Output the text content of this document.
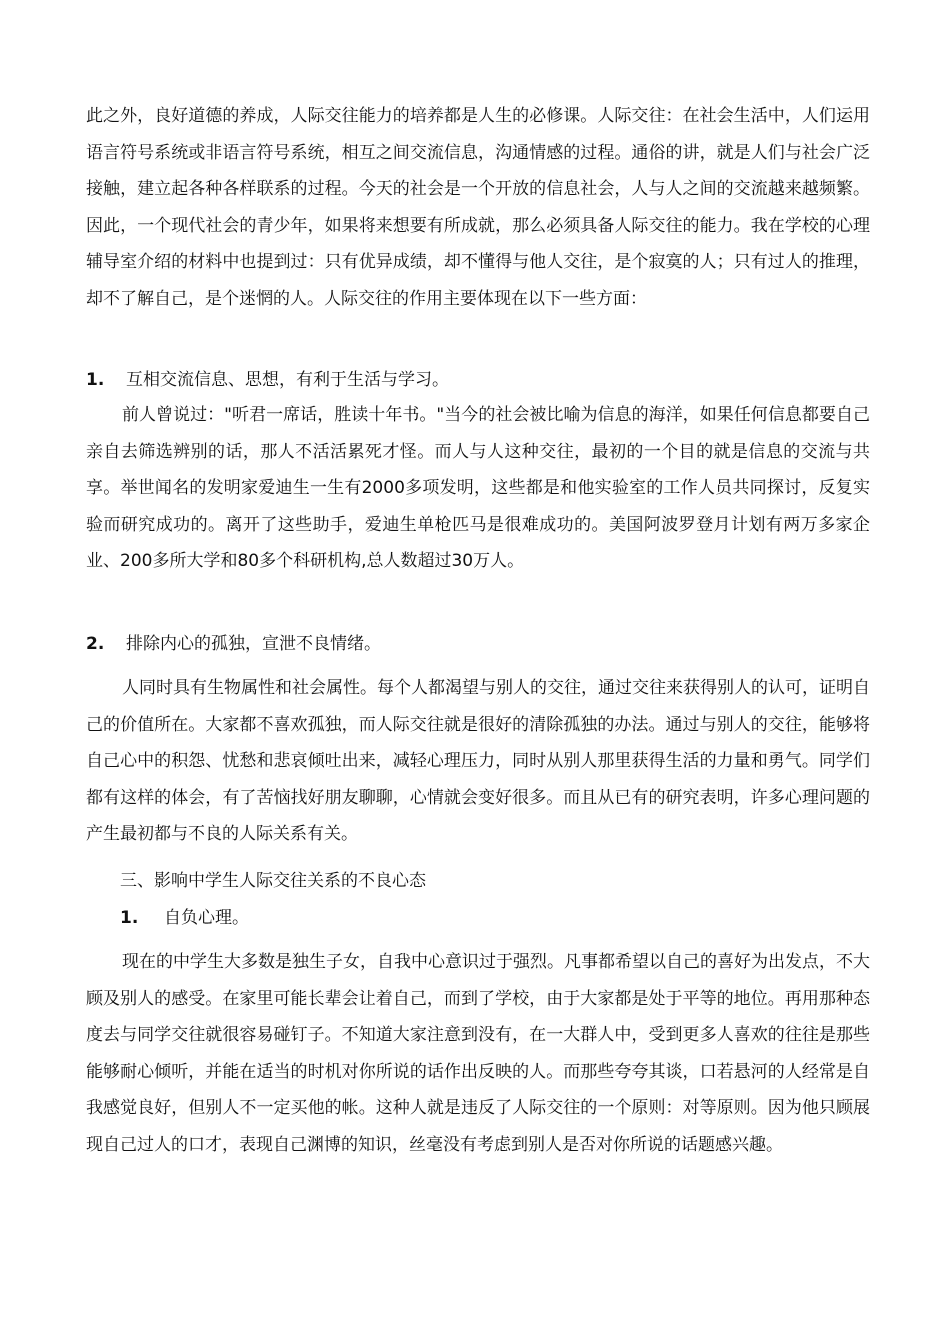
此之外，良好道德的养成，人际交往能力的培养都是人生的必修课。人际交往：在社会生活中，人们运用语言符号系统或非语言符号系统，相互之间交流信息，沟通情感的过程。通俗的讲，就是人们与社会广泛接触，建立起各种各样联系的过程。今天的社会是一个开放的信息社会，人与人之间的交流越来越频繁。因此，一个现代社会的青少年，如果将来想要有所成就，那么必须具备人际交往的能力。我在学校的心理辅导室介绍的材料中也提到过：只有优异成绩，却不懂得与他人交往，是个寂寞的人；只有过人的推理，却不了解自己，是个迷惘的人。人际交往的作用主要体现在以下一些方面：

1. 互相交流信息、思想，有利于生活与学习。

前人曾说过："听君一席话，胜读十年书。"当今的社会被比喻为信息的海洋，如果任何信息都要自己亲自去筛选辨别的话，那人不活活累死才怪。而人与人这种交往，最初的一个目的就是信息的交流与共享。举世闻名的发明家爱迪生一生有2000多项发明，这些都是和他实验室的工作人员共同探讨，反复实验而研究成功的。离开了这些助手，爱迪生单枪匹马是很难成功的。美国阿波罗登月计划有两万多家企业、200多所大学和80多个科研机构,总人数超过30万人。

2. 排除内心的孤独，宣泄不良情绪。

人同时具有生物属性和社会属性。每个人都渴望与别人的交往，通过交往来获得别人的认可，证明自己的价值所在。大家都不喜欢孤独，而人际交往就是很好的清除孤独的办法。通过与别人的交往，能够将自己心中的积怨、忧愁和悲哀倾吐出来，减轻心理压力，同时从别人那里获得生活的力量和勇气。同学们都有这样的体会，有了苦恼找好朋友聊聊，心情就会变好很多。而且从已有的研究表明，许多心理问题的产生最初都与不良的人际关系有关。

三、影响中学生人际交往关系的不良心态
1. 自负心理。

现在的中学生大多数是独生子女，自我中心意识过于强烈。凡事都希望以自己的喜好为出发点，不大顾及别人的感受。在家里可能长辈会让着自己，而到了学校，由于大家都是处于平等的地位。再用那种态度去与同学交往就很容易碰钉子。不知道大家注意到没有，在一大群人中，受到更多人喜欢的往往是那些能够耐心倾听，并能在适当的时机对你所说的话作出反映的人。而那些夸夸其谈，口若悬河的人经常是自我感觉良好，但别人不一定买他的帐。这种人就是违反了人际交往的一个原则：对等原则。因为他只顾展现自己过人的口才，表现自己渊博的知识，丝毫没有考虑到别人是否对你所说的话题感兴趣。
